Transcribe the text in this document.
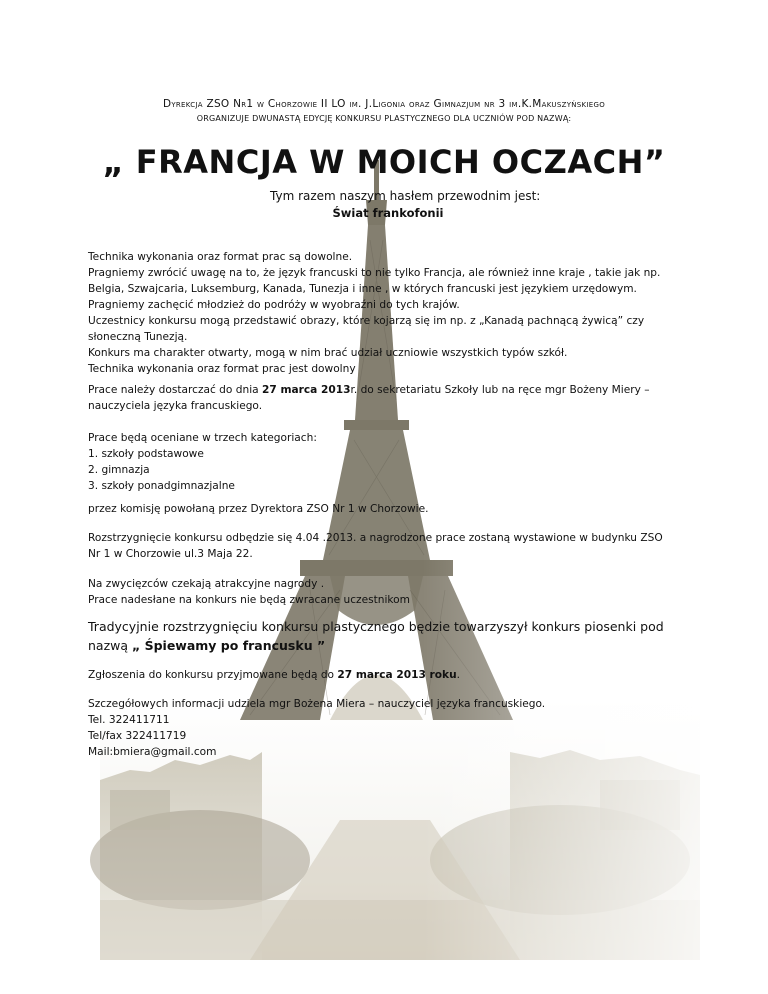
Dyrekcja ZSO Nr1 w Chorzowie II LO im. J.Ligonia oraz Gimnazjum nr 3 im.K.Makuszyńskiego
ORGANIZUJE DWUNASTĄ EDYCJĘ KONKURSU PLASTYCZNEGO DLA UCZNIÓW POD NAZWĄ:
„ FRANCJA W MOICH OCZACH”
Tym razem naszym hasłem przewodnim jest:
Świat frankofonii
Technika wykonania oraz format prac są dowolne.
Pragniemy zwrócić uwagę na to, że język francuski to nie tylko Francja, ale również inne kraje , takie jak np.
Belgia, Szwajcaria, Luksemburg, Kanada, Tunezja i inne , w których francuski jest językiem urzędowym.
Pragniemy zachęcić młodzież do podróży w wyobraźni do tych krajów.
Uczestnicy konkursu mogą przedstawić obrazy, które kojarzą się im np. z „Kanadą pachnącą żywicą” czy
słoneczną Tunezją.
Konkurs ma charakter otwarty, mogą w nim brać udział uczniowie wszystkich typów szkół.
Technika wykonania oraz format prac jest dowolny
Prace należy dostarczać do dnia 27 marca 2013r. do sekretariatu Szkoły lub na ręce mgr Bożeny Miery –
nauczyciela języka francuskiego.
Prace będą oceniane w trzech kategoriach:
1. szkoły podstawowe
2. gimnazja
3. szkoły ponadgimnazjalne
przez komisję powołaną przez Dyrektora ZSO Nr 1 w Chorzowie.
Rozstrzygnięcie konkursu odbędzie się 4.04 .2013. a nagrodzone prace zostaną wystawione w budynku ZSO
Nr 1 w Chorzowie ul.3 Maja 22.
Na zwycięzców czekają atrakcyjne nagrody .
Prace nadesłane na konkurs nie będą zwracane uczestnikom
Tradycyjnie rozstrzygnięciu konkursu plastycznego będzie towarzyszył konkurs piosenki pod
nazwą „ Śpiewamy po francusku ”
Zgłoszenia do konkursu przyjmowane będą do 27 marca 2013 roku.
Szczegółowych informacji udziela mgr Bożena Miera – nauczyciel języka francuskiego.
Tel. 322411711
Tel/fax 322411719
Mail:bmiera@gmail.com
